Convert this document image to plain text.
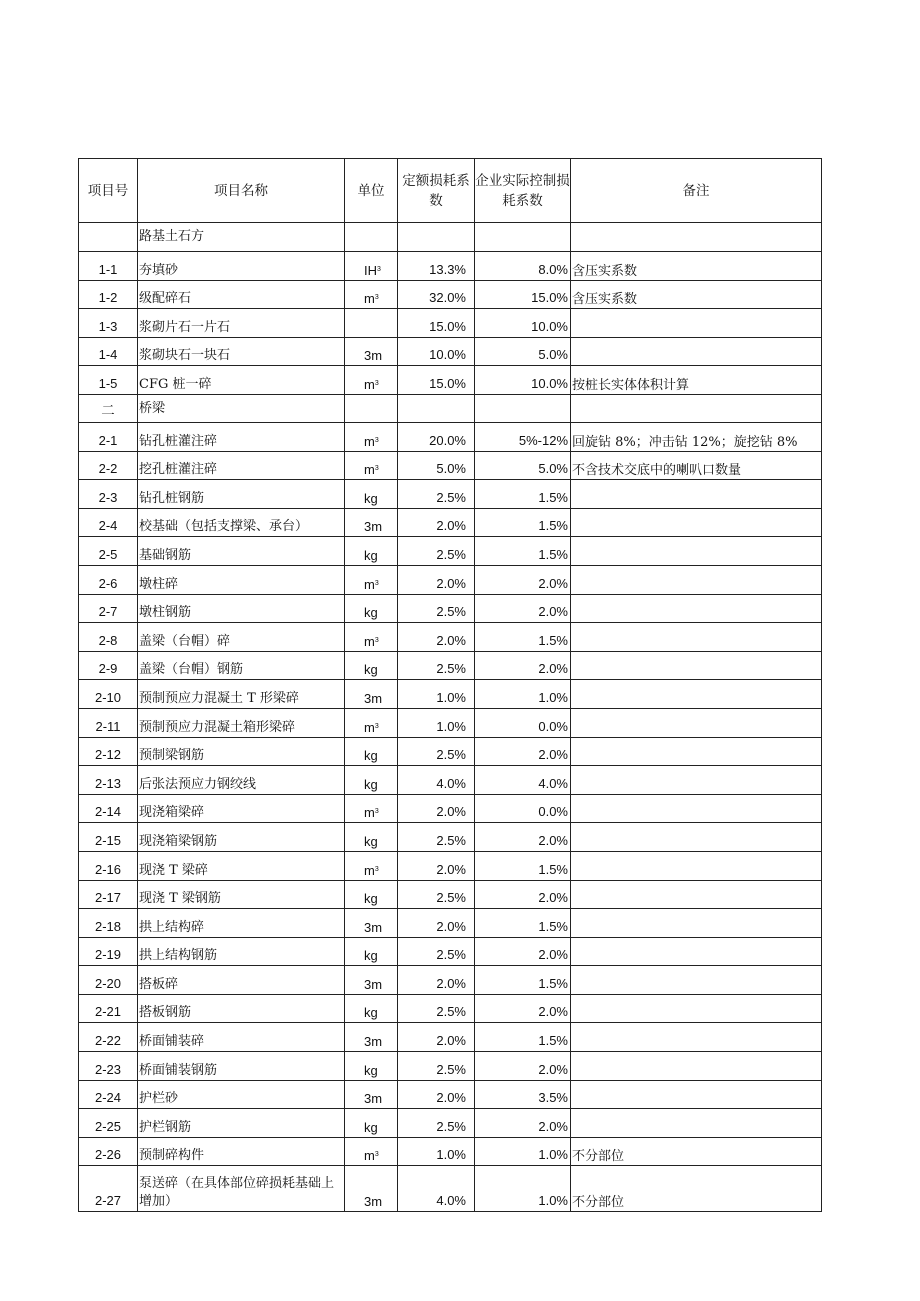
项目号	项目名称	单位	定额损耗系数	企业实际控制损耗系数	备注
	路基土石方				
1-1	夯填砂	$IH^3$	13.3%	8.0%	含压实系数
1-2	级配碎石	$m^3$	32.0%	15.0%	含压实系数
1-3	浆砌片石一片石		15.0%	10.0%	
1-4	浆砌块石一块石	3m	10.0%	5.0%	
1-5	CFG 桩一碎	$m^3$	15.0%	10.0%	按桩长实体体积计算
二	桥梁				
2-1	钻孔桩灌注碎	$m^3$	20.0%	5%-12%	回旋钻 8%；冲击钻 12%；旋挖钻 8%
2-2	挖孔桩灌注碎	$m^3$	5.0%	5.0%	不含技术交底中的喇叭口数量
2-3	钻孔桩钢筋	kg	2.5%	1.5%	
2-4	校基础（包括支撑梁、承台）	3m	2.0%	1.5%	
2-5	基础钢筋	kg	2.5%	1.5%	
2-6	墩柱碎	$m^3$	2.0%	2.0%	
2-7	墩柱钢筋	kg	2.5%	2.0%	
2-8	盖梁（台帽）碎	$m^3$	2.0%	1.5%	
2-9	盖梁（台帽）钢筋	kg	2.5%	2.0%	
2-10	预制预应力混凝土 T 形梁碎	3m	1.0%	1.0%	
2-11	预制预应力混凝土箱形梁碎	$m^3$	1.0%	0.0%	
2-12	预制梁钢筋	kg	2.5%	2.0%	
2-13	后张法预应力钢绞线	kg	4.0%	4.0%	
2-14	现浇箱梁碎	$m^3$	2.0%	0.0%	
2-15	现浇箱梁钢筋	kg	2.5%	2.0%	
2-16	现浇 T 梁碎	$m^3$	2.0%	1.5%	
2-17	现浇 T 梁钢筋	kg	2.5%	2.0%	
2-18	拱上结构碎	3m	2.0%	1.5%	
2-19	拱上结构钢筋	kg	2.5%	2.0%	
2-20	搭板碎	3m	2.0%	1.5%	
2-21	搭板钢筋	kg	2.5%	2.0%	
2-22	桥面铺装碎	3m	2.0%	1.5%	
2-23	桥面铺装钢筋	kg	2.5%	2.0%	
2-24	护栏砂	3m	2.0%	3.5%	
2-25	护栏钢筋	kg	2.5%	2.0%	
2-26	预制碎构件	$m^3$	1.0%	1.0%	不分部位
2-27	泵送碎（在具体部位碎损耗基础上增加）	3m	4.0%	1.0%	不分部位
